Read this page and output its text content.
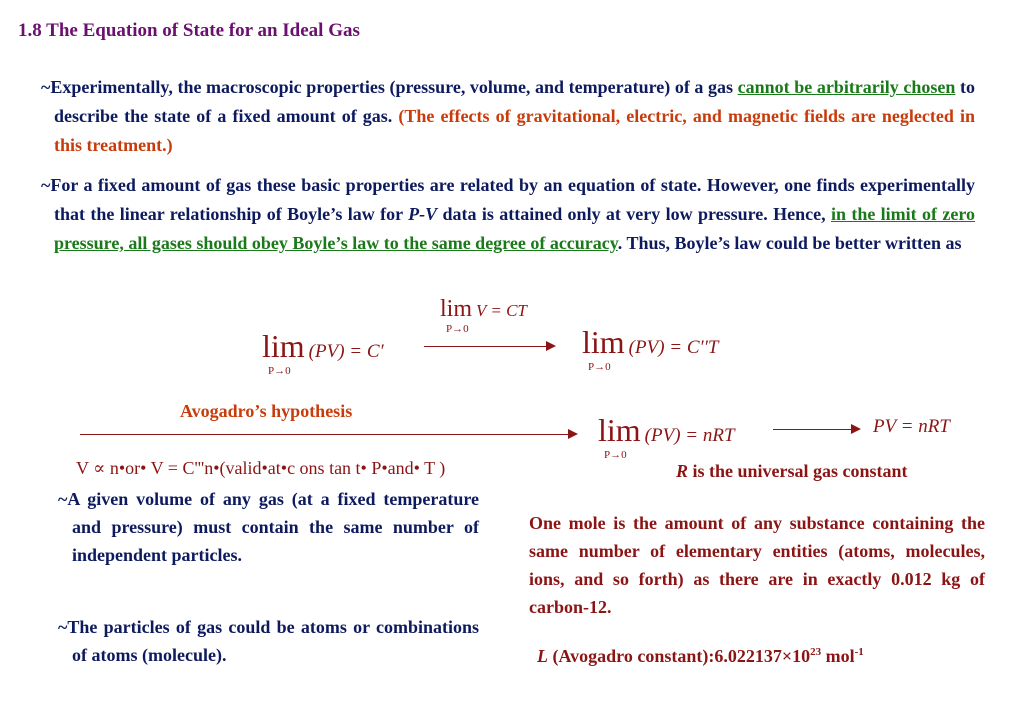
1.8 The Equation of State for an Ideal Gas
~Experimentally, the macroscopic properties (pressure, volume, and temperature) of a gas cannot be arbitrarily chosen to describe the state of a fixed amount of gas. (The effects of gravitational, electric, and magnetic fields are neglected in this treatment.)
~For a fixed amount of gas these basic properties are related by an equation of state. However, one finds experimentally that the linear relationship of Boyle’s law for P-V data is attained only at very low pressure. Hence, in the limit of zero pressure, all gases should obey Boyle’s law to the same degree of accuracy. Thus, Boyle’s law could be better written as
lim V = CT
P→0
lim (PV) = C′
P→0
lim (PV) = C′′T
P→0
Avogadro’s hypothesis
V ∝ n•or• V = C'''n•(valid•at•c ons tan t• P•and• T )
lim (PV) = nRT
P→0
PV = nRT
R is the universal gas constant
~A given volume of any gas (at a fixed temperature and pressure) must contain the same number of independent particles.
~The particles of gas could be atoms or combinations of atoms (molecule).
One mole is the amount of any substance containing the same number of elementary entities (atoms, molecules, ions, and so forth) as there are in exactly 0.012 kg of carbon-12.
L (Avogadro $constant):6.022137\times 10^{23}$ mol$^{-1}$
